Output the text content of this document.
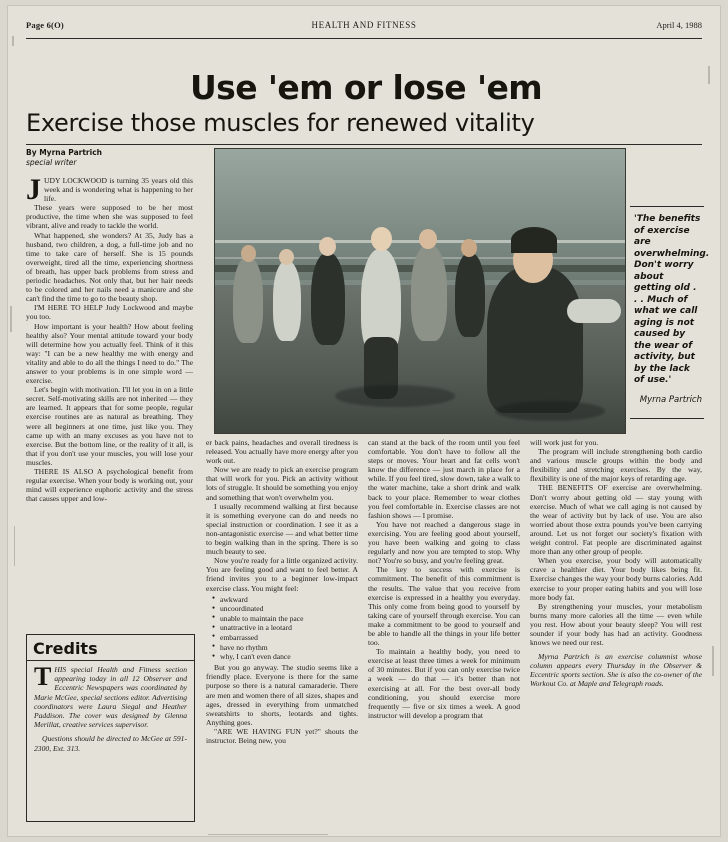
Page 6(O)	HEALTH AND FITNESS	April 4, 1988
Use 'em or lose 'em
Exercise those muscles for renewed vitality
By Myrna Partrich
special writer
'The benefits of exercise are overwhelming. Don't worry about getting old . . . Much of what we call aging is not caused by the wear of activity, but by the lack of use.'
Myrna Partrich

JUDY LOCKWOOD is turning 35 years old this week and is wondering what is happening to her life.

These years were supposed to be her most productive, the time when she was supposed to feel vibrant, alive and ready to tackle the world.

What happened, she wonders? At 35, Judy has a husband, two children, a dog, a full-time job and no time to take care of herself. She is 15 pounds overweight, tired all the time, experiencing shortness of breath, has upper back problems from stress and periodic headaches. Not only that, but her hair needs to be colored and her nails need a manicure and she can't find the time to go to the beauty shop.

I'M HERE TO HELP Judy Lockwood and maybe you too.

How important is your health? How about feeling healthy also? Your mental attitude toward your body will determine how you actually feel. Think of it this way: "I can be a new healthy me with energy and vitality and able to do all the things I need to do." The answer to your problems is in one simple word — exercise.

Let's begin with motivation. I'll let you in on a little secret. Self-motivating skills are not inherited — they are learned. It appears that for some people, regular exercise routines are as natural as breathing. They were all beginners at one time, just like you. They came up with an many excuses as you have not to exercise. But the bottom line, or the reality of it all, is that if you don't use your muscles, you will lose your muscles.

THERE IS ALSO A psychological benefit from regular exercise. When your body is working out, your mind will experience euphoric activity and the stress that causes upper and low-

er back pains, headaches and overall tiredness is released. You actually have more energy after you work out.

Now we are ready to pick an exercise program that will work for you. Pick an activity without lots of struggle. It should be something you enjoy and something that won't overwhelm you.

I usually recommend walking at first because it is something everyone can do and needs no special instruction or coordination. I see it as a non-antagonistic exercise — and what better time to begin walking than in the spring. There is so much beauty to see.

Now you're ready for a little organized activity. You are feeling good and want to feel better. A friend invites you to a beginner low-impact exercise class. You might feel:

● awkward
● uncoordinated
● unable to maintain the pace
● unattractive in a leotard
● embarrassed
● have no rhythm
● why, I can't even dance

But you go anyway. The studio seems like a friendly place. Everyone is there for the same purpose so there is a natural camaraderie. There are men and women there of all sizes, shapes and ages, dressed in everything from unmatched sweatshirts to shorts, leotards and tights. Anything goes.

"ARE WE HAVING FUN yet?" shouts the instructor. Being new, you

can stand at the back of the room until you feel comfortable. You don't have to follow all the steps or moves. Your heart and fat cells won't know the difference — just march in place for a while. If you feel tired, slow down, take a walk to the water machine, take a short drink and walk back to your place. Remember to wear clothes you feel comfortable in. Exercise classes are not fashion shows — I promise.

You have not reached a dangerous stage in exercising. You are feeling good about yourself, you have been walking and going to class regularly and now you are tempted to stop. Why not? You're so busy, and you're feeling great.

The key to success with exercise is commitment. The benefit of this commitment is the results. The value that you receive from exercise is expressed in a healthy you everyday. This only come from being good to yourself by taking care of yourself through exercise. You can make a commitment to be good to yourself and be able to handle all the things in your life better too.

To maintain a healthy body, you need to exercise at least three times a week for minimum of 30 minutes. But if you can only exercise twice a week — do that — it's better than not exercising at all. For the best over-all body conditioning, you should exercise more frequently — five or six times a week. A good instructor will develop a program that

will work just for you.

The program will include strengthening both cardio and various muscle groups within the body and flexibility and stretching exercises. By the way, flexibility is one of the major keys of retarding age.

THE BENEFITS OF exercise are overwhelming. Don't worry about getting old — stay young with exercise. Much of what we call aging is not caused by the wear of activity but by lack of use. You are also worried about those extra pounds you've been carrying around. Let us not forget our society's fixation with weight control. Fat people are discriminated against more than any other group of people.

When you exercise, your body will automatically crave a healthier diet. Your body likes being fit. Exercise changes the way your body burns calories. Add exercise to your proper eating habits and you will lose more body fat.

By strengthening your muscles, your metabolism burns many more calories all the time — even while you rest. How about your beauty sleep? You will rest sounder if your body has had an activity. Goodness knows we need our rest.

Myrna Partrich is an exercise columnist whose column appears every Thursday in the Observer & Eccentric sports section. She is also the co-owner of the Workout Co. at Maple and Telegraph roads.

Credits

THIS special Health and Fitness section appearing today in all 12 Observer and Eccentric Newspapers was coordinated by Marie McGee, special sections editor. Advertising coordinators were Laura Siegal and Heather Paddison. The cover was designed by Glenna Merillat, creative services supervisor.

Questions should be directed to McGee at 591-2300, Ext. 313.
